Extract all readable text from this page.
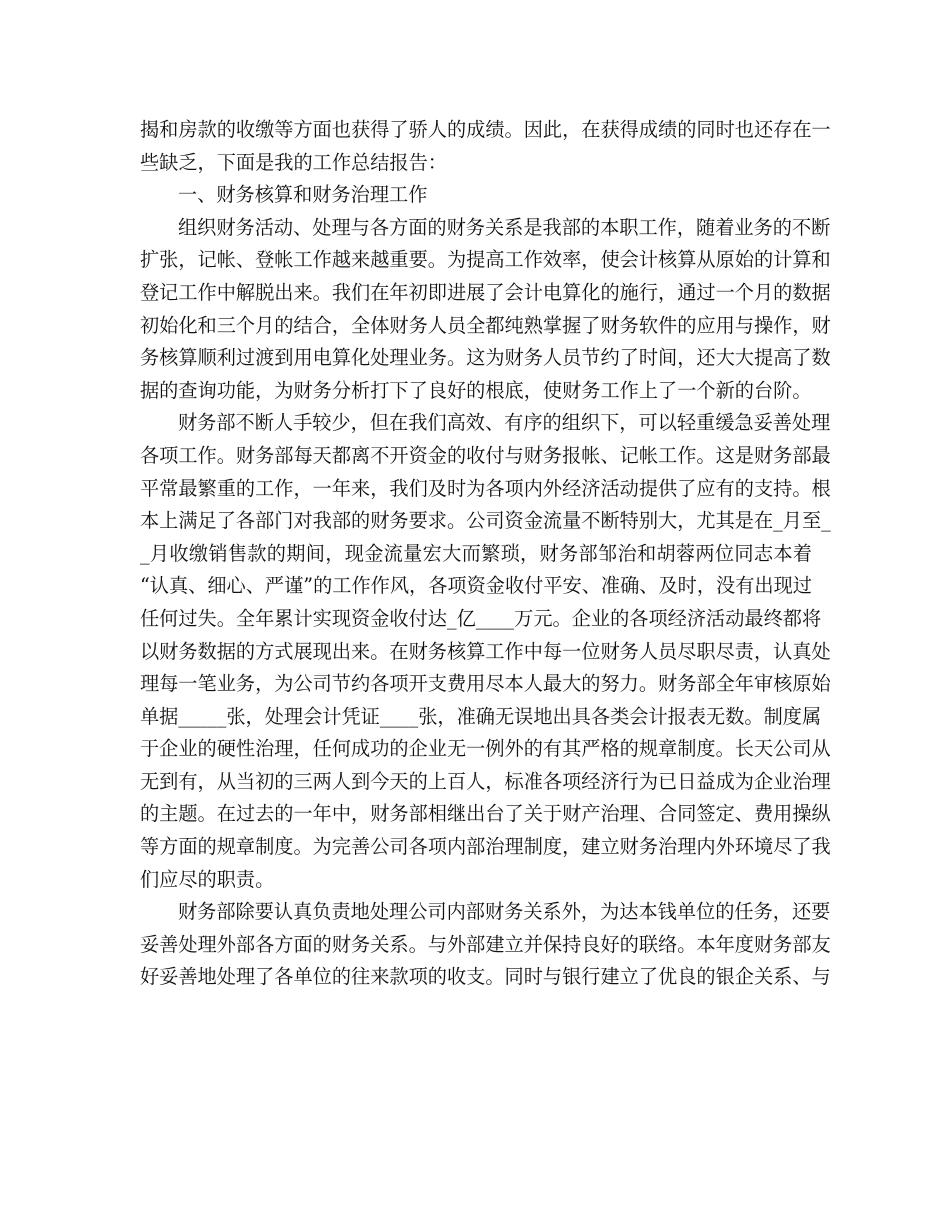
揭和房款的收缴等方面也获得了骄人的成绩。因此，在获得成绩的同时也还存在一
些缺乏，下面是我的工作总结报告：
一、财务核算和财务治理工作
组织财务活动、处理与各方面的财务关系是我部的本职工作，随着业务的不断
扩张，记帐、登帐工作越来越重要。为提高工作效率，使会计核算从原始的计算和
登记工作中解脱出来。我们在年初即进展了会计电算化的施行，通过一个月的数据
初始化和三个月的结合，全体财务人员全都纯熟掌握了财务软件的应用与操作，财
务核算顺利过渡到用电算化处理业务。这为财务人员节约了时间，还大大提高了数
据的查询功能，为财务分析打下了良好的根底，使财务工作上了一个新的台阶。
财务部不断人手较少，但在我们高效、有序的组织下，可以轻重缓急妥善处理
各项工作。财务部每天都离不开资金的收付与财务报帐、记帐工作。这是财务部最
平常最繁重的工作，一年来，我们及时为各项内外经济活动提供了应有的支持。根
本上满足了各部门对我部的财务要求。公司资金流量不断特别大，尤其是在_月至_
_月收缴销售款的期间，现金流量宏大而繁琐，财务部邹治和胡蓉两位同志本着
“认真、细心、严谨”的工作作风，各项资金收付平安、准确、及时，没有出现过
任何过失。全年累计实现资金收付达_亿____万元。企业的各项经济活动最终都将
以财务数据的方式展现出来。在财务核算工作中每一位财务人员尽职尽责，认真处
理每一笔业务，为公司节约各项开支费用尽本人最大的努力。财务部全年审核原始
单据_____张，处理会计凭证____张，准确无误地出具各类会计报表无数。制度属
于企业的硬性治理，任何成功的企业无一例外的有其严格的规章制度。长天公司从
无到有，从当初的三两人到今天的上百人，标准各项经济行为已日益成为企业治理
的主题。在过去的一年中，财务部相继出台了关于财产治理、合同签定、费用操纵
等方面的规章制度。为完善公司各项内部治理制度，建立财务治理内外环境尽了我
们应尽的职责。
财务部除要认真负责地处理公司内部财务关系外，为达本钱单位的任务，还要
妥善处理外部各方面的财务关系。与外部建立并保持良好的联络。本年度财务部友
好妥善地处理了各单位的往来款项的收支。同时与银行建立了优良的银企关系、与
